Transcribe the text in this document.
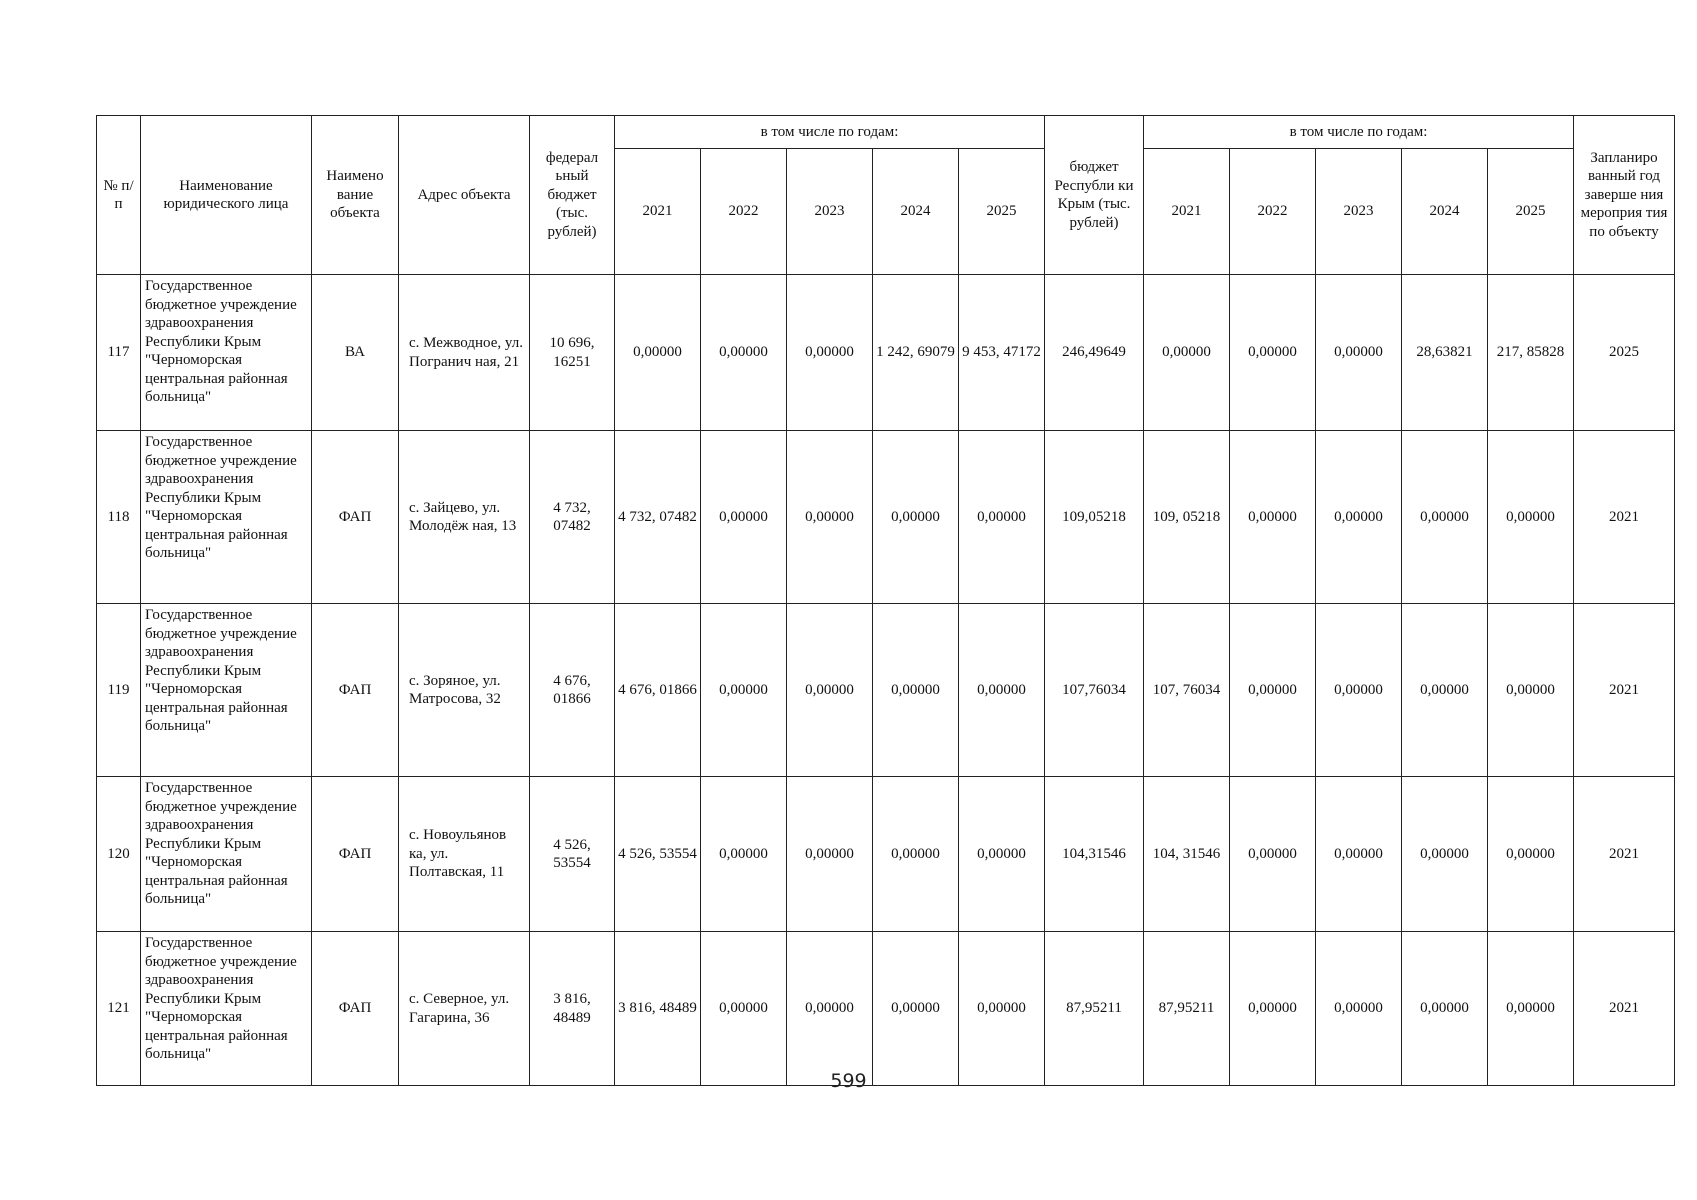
№ п/п	Наименование юридического лица	Наимено вание объекта	Адрес объекта	федерал ьный бюджет (тыс. рублей)	в том числе по годам:					бюджет Республи ки Крым (тыс. рублей)	в том числе по годам:					Запланиро ванный год заверше ния мероприя тия по объекту
					2021	2022	2023	2024	2025		2021	2022	2023	2024	2025	
117	Государственное бюджетное учреждение здравоохранения Республики Крым "Черноморская центральная районная больница"	ВА	с. Межводное, ул. Погранич ная, 21	10 696, 16251	0,00000	0,00000	0,00000	1 242, 69079	9 453, 47172	246,49649	0,00000	0,00000	0,00000	28,63821	217, 85828	2025
118	Государственное бюджетное учреждение здравоохранения Республики Крым "Черноморская центральная районная больница"	ФАП	с. Зайцево, ул. Молодёж ная, 13	4 732, 07482	4 732, 07482	0,00000	0,00000	0,00000	0,00000	109,05218	109, 05218	0,00000	0,00000	0,00000	0,00000	2021
119	Государственное бюджетное учреждение здравоохранения Республики Крым "Черноморская центральная районная больница"	ФАП	с. Зоряное, ул. Матросова, 32	4 676, 01866	4 676, 01866	0,00000	0,00000	0,00000	0,00000	107,76034	107, 76034	0,00000	0,00000	0,00000	0,00000	2021
120	Государственное бюджетное учреждение здравоохранения Республики Крым "Черноморская центральная районная больница"	ФАП	с. Новоульянов ка, ул. Полтавская, 11	4 526, 53554	4 526, 53554	0,00000	0,00000	0,00000	0,00000	104,31546	104, 31546	0,00000	0,00000	0,00000	0,00000	2021
121	Государственное бюджетное учреждение здравоохранения Республики Крым "Черноморская центральная районная больница"	ФАП	с. Северное, ул. Гагарина, 36	3 816, 48489	3 816, 48489	0,00000	0,00000	0,00000	0,00000	87,95211	87,95211	0,00000	0,00000	0,00000	0,00000	2021
599
